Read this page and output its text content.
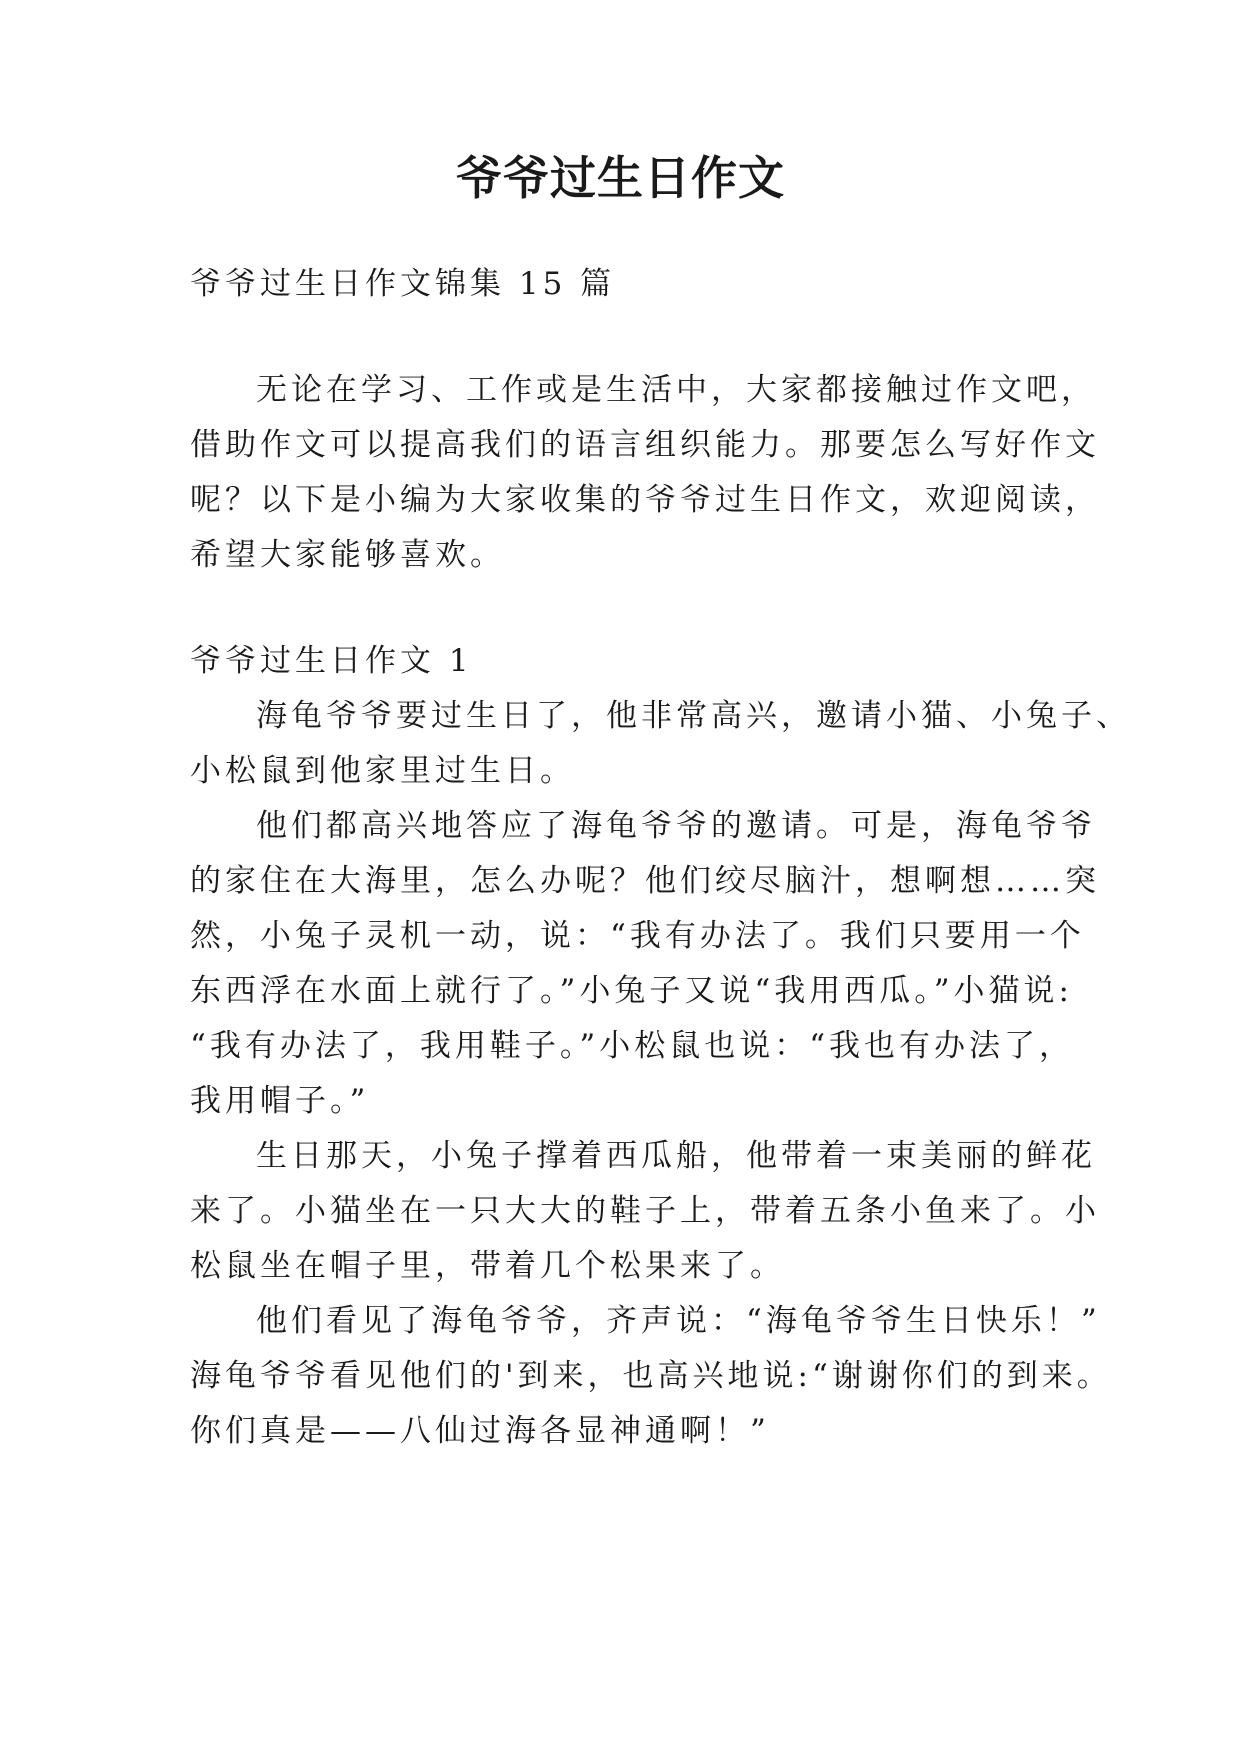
爷爷过生日作文
爷爷过生日作文锦集 15 篇
无论在学习、工作或是生活中，大家都接触过作文吧，
借助作文可以提高我们的语言组织能力。那要怎么写好作文
呢？以下是小编为大家收集的爷爷过生日作文，欢迎阅读，
希望大家能够喜欢。
爷爷过生日作文 1
海龟爷爷要过生日了，他非常高兴，邀请小猫、小兔子、
小松鼠到他家里过生日。
他们都高兴地答应了海龟爷爷的邀请。可是，海龟爷爷
的家住在大海里，怎么办呢？他们绞尽脑汁，想啊想……突
然，小兔子灵机一动，说：“我有办法了。我们只要用一个
东西浮在水面上就行了。”小兔子又说“我用西瓜。”小猫说:
“我有办法了，我用鞋子。”小松鼠也说：“我也有办法了，
我用帽子。”
生日那天，小兔子撑着西瓜船，他带着一束美丽的鲜花
来了。小猫坐在一只大大的鞋子上，带着五条小鱼来了。小
松鼠坐在帽子里，带着几个松果来了。
他们看见了海龟爷爷，齐声说：“海龟爷爷生日快乐！”
海龟爷爷看见他们的'到来，也高兴地说:“谢谢你们的到来。
你们真是——八仙过海各显神通啊！”
